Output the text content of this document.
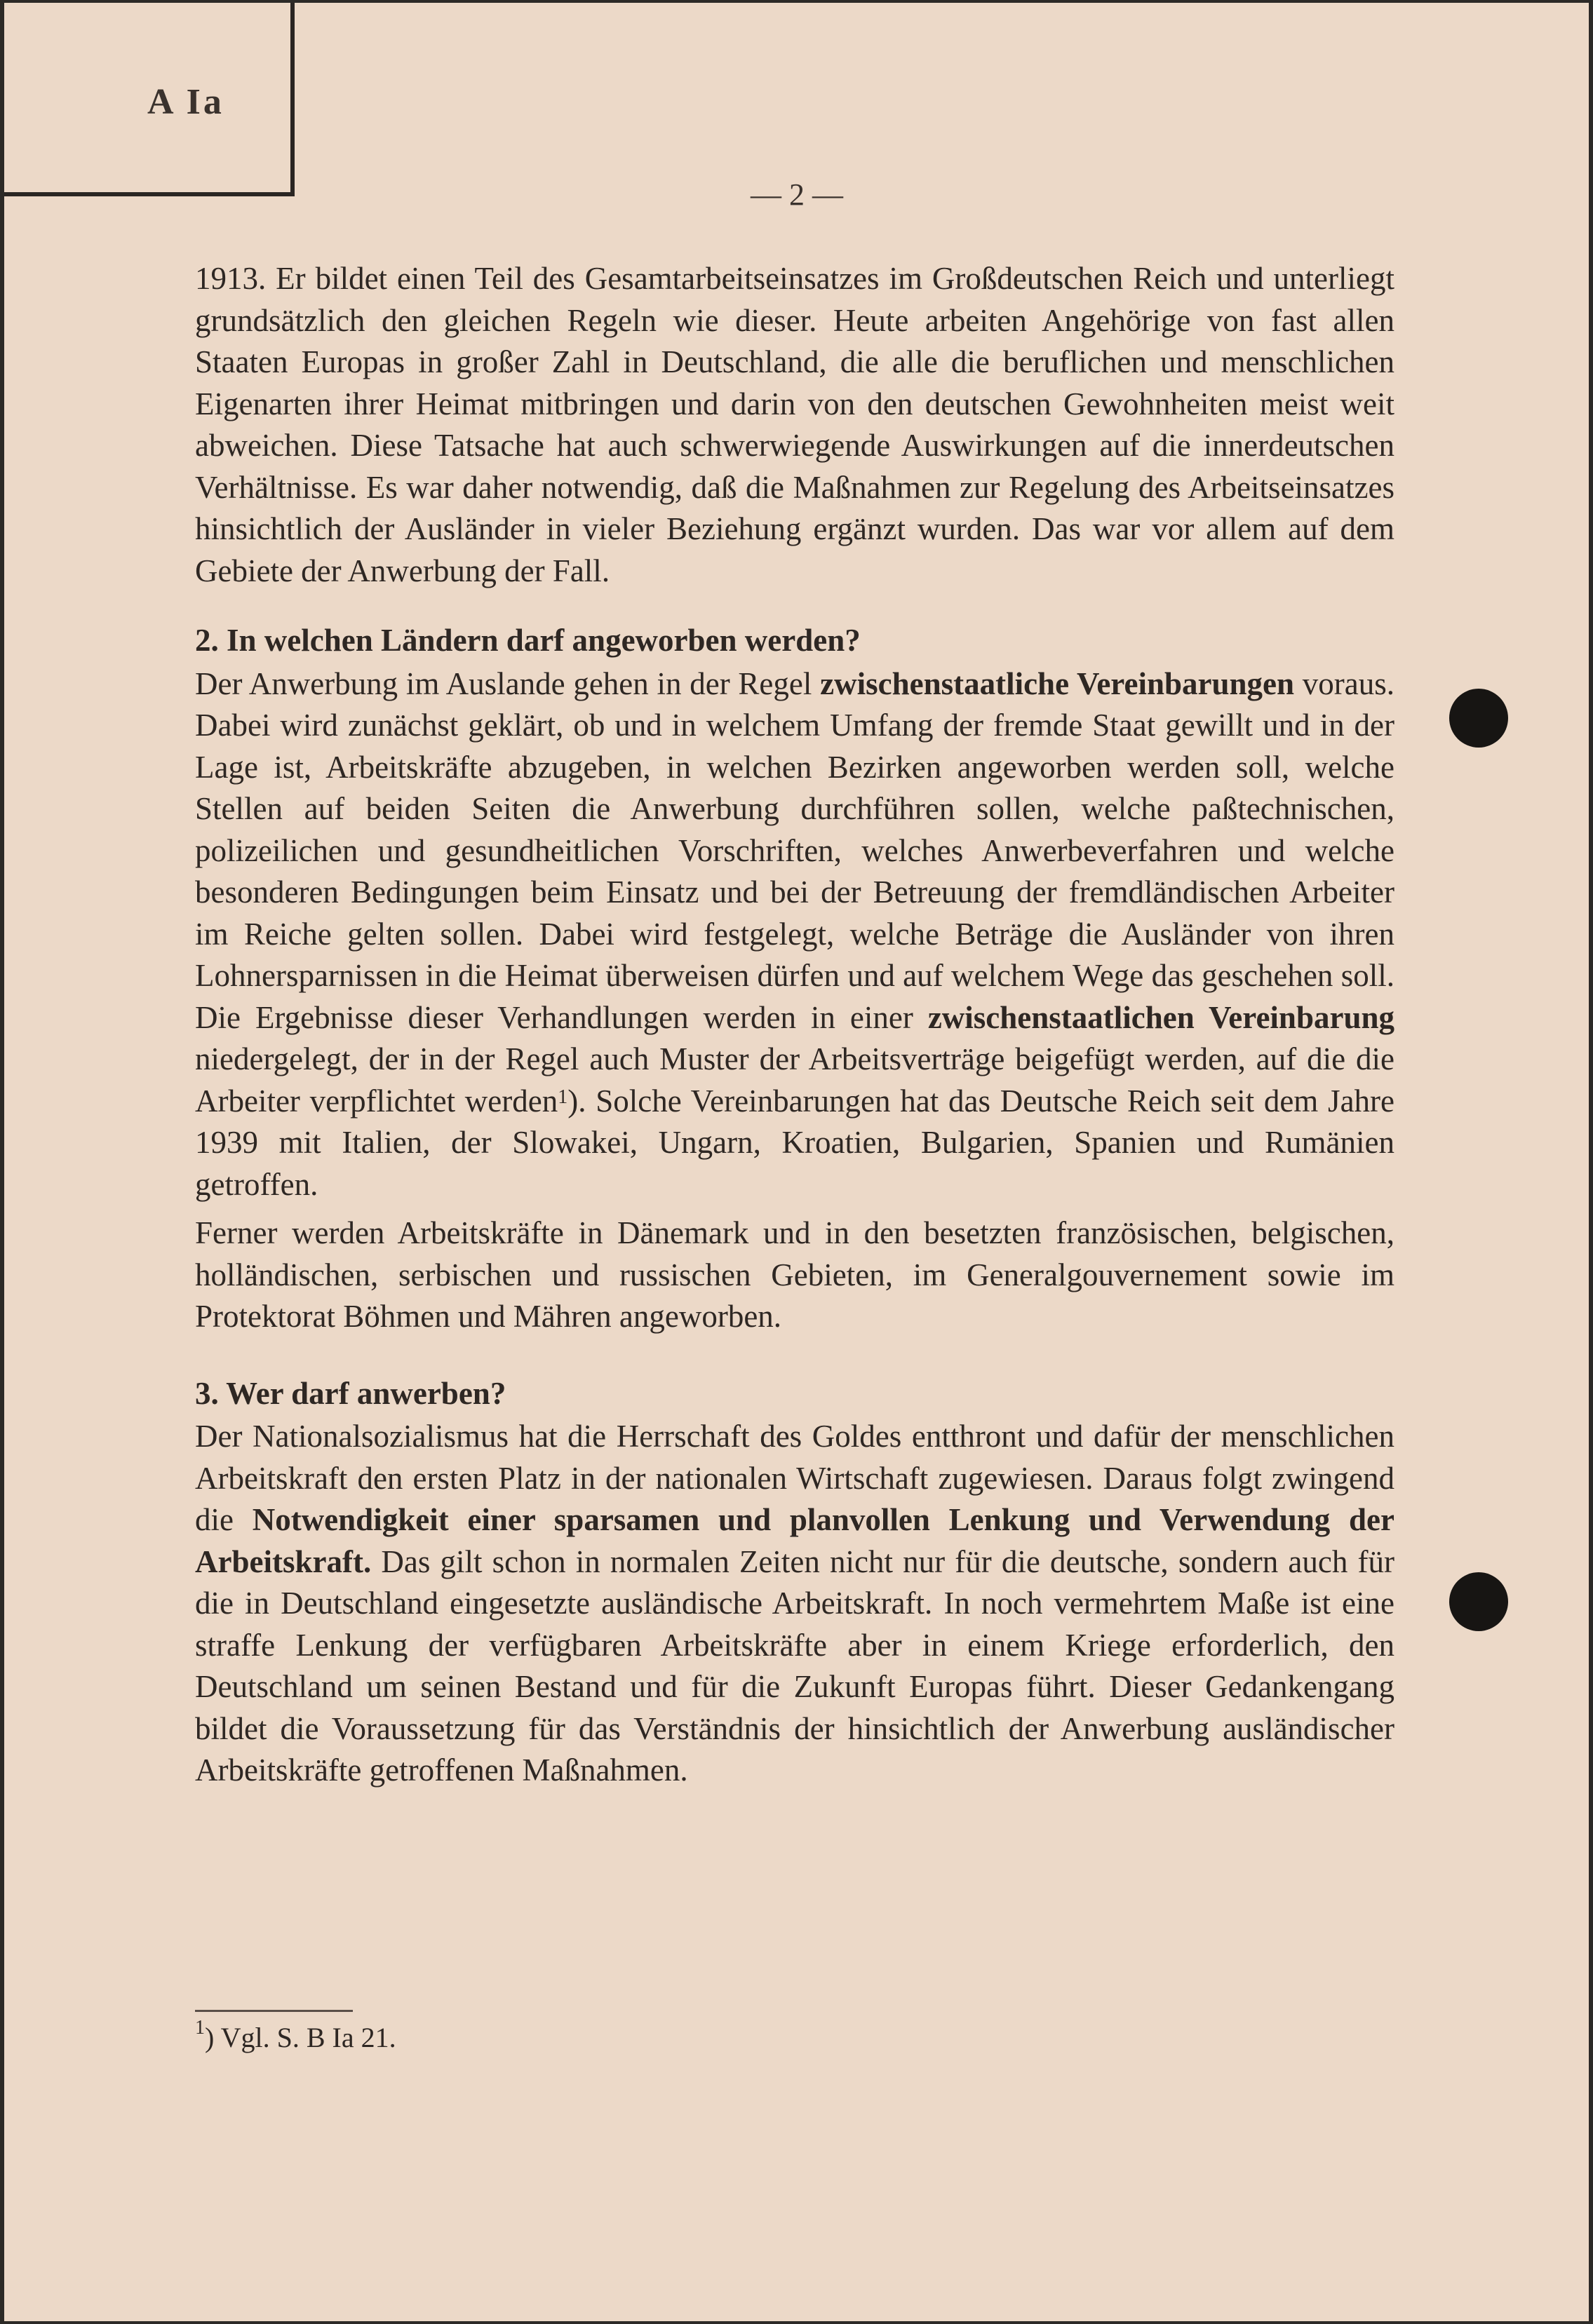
A Ia
— 2 —

1913. Er bildet einen Teil des Gesamtarbeitseinsatzes im Großdeutschen Reich und unterliegt grundsätzlich den gleichen Regeln wie dieser. Heute arbeiten Angehörige von fast allen Staaten Europas in großer Zahl in Deutschland, die alle die beruflichen und menschlichen Eigenarten ihrer Heimat mitbringen und darin von den deutschen Gewohnheiten meist weit abweichen. Diese Tatsache hat auch schwerwiegende Auswirkungen auf die innerdeutschen Verhältnisse. Es war daher notwendig, daß die Maßnahmen zur Regelung des Arbeitseinsatzes hinsichtlich der Ausländer in vieler Beziehung ergänzt wurden. Das war vor allem auf dem Gebiete der Anwerbung der Fall.

2. In welchen Ländern darf angeworben werden?

Der Anwerbung im Auslande gehen in der Regel zwischenstaatliche Vereinbarungen voraus. Dabei wird zunächst geklärt, ob und in welchem Umfang der fremde Staat gewillt und in der Lage ist, Arbeitskräfte abzugeben, in welchen Bezirken angeworben werden soll, welche Stellen auf beiden Seiten die Anwerbung durchführen sollen, welche paßtechnischen, polizeilichen und gesundheitlichen Vorschriften, welches Anwerbeverfahren und welche besonderen Bedingungen beim Einsatz und bei der Betreuung der fremdländischen Arbeiter im Reiche gelten sollen. Dabei wird festgelegt, welche Beträge die Ausländer von ihren Lohnersparnissen in die Heimat überweisen dürfen und auf welchem Wege das geschehen soll. Die Ergebnisse dieser Verhandlungen werden in einer zwischenstaatlichen Vereinbarung niedergelegt, der in der Regel auch Muster der Arbeitsverträge beigefügt werden, auf die die Arbeiter verpflichtet werden$^1$). Solche Vereinbarungen hat das Deutsche Reich seit dem Jahre 1939 mit Italien, der Slowakei, Ungarn, Kroatien, Bulgarien, Spanien und Rumänien getroffen.

Ferner werden Arbeitskräfte in Dänemark und in den besetzten französischen, belgischen, holländischen, serbischen und russischen Gebieten, im Generalgouvernement sowie im Protektorat Böhmen und Mähren angeworben.

3. Wer darf anwerben?

Der Nationalsozialismus hat die Herrschaft des Goldes entthront und dafür der menschlichen Arbeitskraft den ersten Platz in der nationalen Wirtschaft zugewiesen. Daraus folgt zwingend die Notwendigkeit einer sparsamen und planvollen Lenkung und Verwendung der Arbeitskraft. Das gilt schon in normalen Zeiten nicht nur für die deutsche, sondern auch für die in Deutschland eingesetzte ausländische Arbeitskraft. In noch vermehrtem Maße ist eine straffe Lenkung der verfügbaren Arbeitskräfte aber in einem Kriege erforderlich, den Deutschland um seinen Bestand und für die Zukunft Europas führt. Dieser Gedankengang bildet die Voraussetzung für das Verständnis der hinsichtlich der Anwerbung ausländischer Arbeitskräfte getroffenen Maßnahmen.

$^1$) Vgl. S. B Ia 21.
